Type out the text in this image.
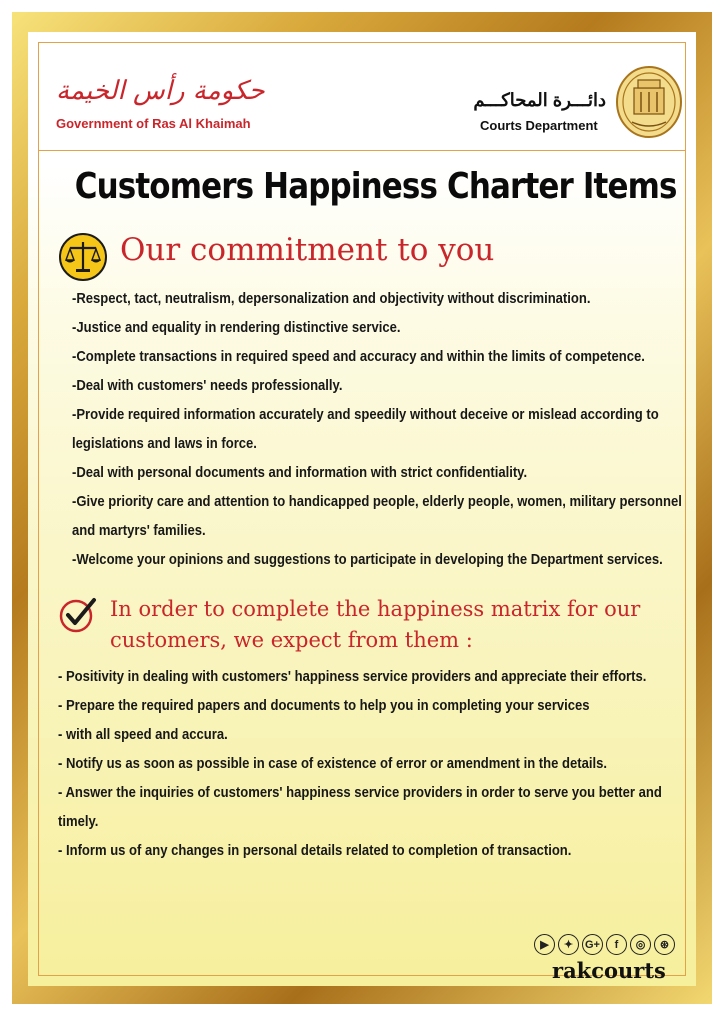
حكومة رأس الخيمة
Government of Ras Al Khaimah
دائـــرة المحاكـــم
Courts Department
Customers Happiness Charter Items
Our commitment to you
-Respect, tact, neutralism, depersonalization and objectivity without discrimination.
-Justice and equality in rendering distinctive service.
-Complete transactions in required speed and accuracy and within the limits of competence.
-Deal with customers' needs professionally.
-Provide required information accurately and speedily without deceive or mislead according to legislations and laws in force.
-Deal with personal documents and information with strict confidentiality.
-Give priority care and attention to handicapped people, elderly people, women, military personnel and martyrs' families.
-Welcome your opinions and suggestions to participate in developing the Department services.
In order to complete the happiness matrix for our customers, we expect from them :
- Positivity in dealing with customers' happiness service providers and appreciate their efforts.
- Prepare the required papers and documents to help you in completing your services
- with all speed and accura.
- Notify us as soon as possible in case of existence of error or amendment in the details.
- Answer the inquiries of customers' happiness service providers in order to serve you better and timely.
- Inform us of any changes in personal details related to completion of transaction.
▶	✦	G+	f	◎	⊛
rakcourts
